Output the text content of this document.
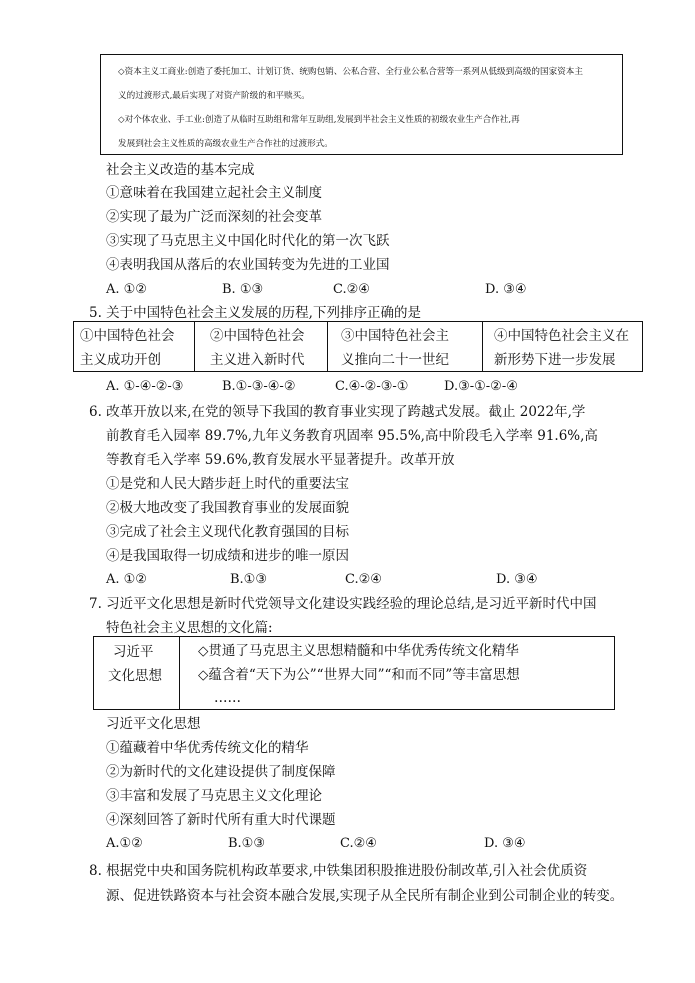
◇资本主义工商业:创造了委托加工、计划订货、统购包销、公私合营、全行业公私合营等一系列从低级到高级的国家资本主
义的过渡形式,最后实现了对资产阶级的和平赎买。
◇对个体农业、手工业:创造了从临时互助组和常年互助组,发展到半社会主义性质的初级农业生产合作社,再
发展到社会主义性质的高级农业生产合作社的过渡形式。
社会主义改造的基本完成
①意味着在我国建立起社会主义制度
②实现了最为广泛而深刻的社会变革
③实现了马克思主义中国化时代化的第一次飞跃
④表明我国从落后的农业国转变为先进的工业国
A. ①②	B. ①③	C.②④	D. ③④
5. 关于中国特色社会主义发展的历程,下列排序正确的是
①中国特色社会
主义成功开创
②中国特色社会
主义进入新时代
③中国特色社会主
义推向二十一世纪
④中国特色社会主义在
新形势下进一步发展
A. ①-④-②-③	B.①-③-④-②	C.④-②-③-①	D.③-①-②-④
6. 改革开放以来,在党的领导下我国的教育事业实现了跨越式发展。截止 2022年,学
前教育毛入园率 89.7%,九年义务教育巩固率 95.5%,高中阶段毛入学率 91.6%,高
等教育毛入学率 59.6%,教育发展水平显著提升。改革开放
①是党和人民大踏步赶上时代的重要法宝
②极大地改变了我国教育事业的发展面貌
③完成了社会主义现代化教育强国的目标
④是我国取得一切成绩和进步的唯一原因
A. ①②	B.①③	C.②④	D. ③④
7. 习近平文化思想是新时代党领导文化建设实践经验的理论总结,是习近平新时代中国
特色社会主义思想的文化篇:
习近平
文化思想
◇贯通了马克思主义思想精髓和中华优秀传统文化精华
◇蕴含着“天下为公”“世界大同”“和而不同”等丰富思想
……
习近平文化思想
①蕴藏着中华优秀传统文化的精华
②为新时代的文化建设提供了制度保障
③丰富和发展了马克思主义文化理论
④深刻回答了新时代所有重大时代课题
A.①②	B.①③	C.②④	D. ③④
8. 根据党中央和国务院机构政革要求,中铁集团积股推进股份制改革,引入社会优质资
源、促进铁路资本与社会资本融合发展,实现子从全民所有制企业到公司制企业的转变。
